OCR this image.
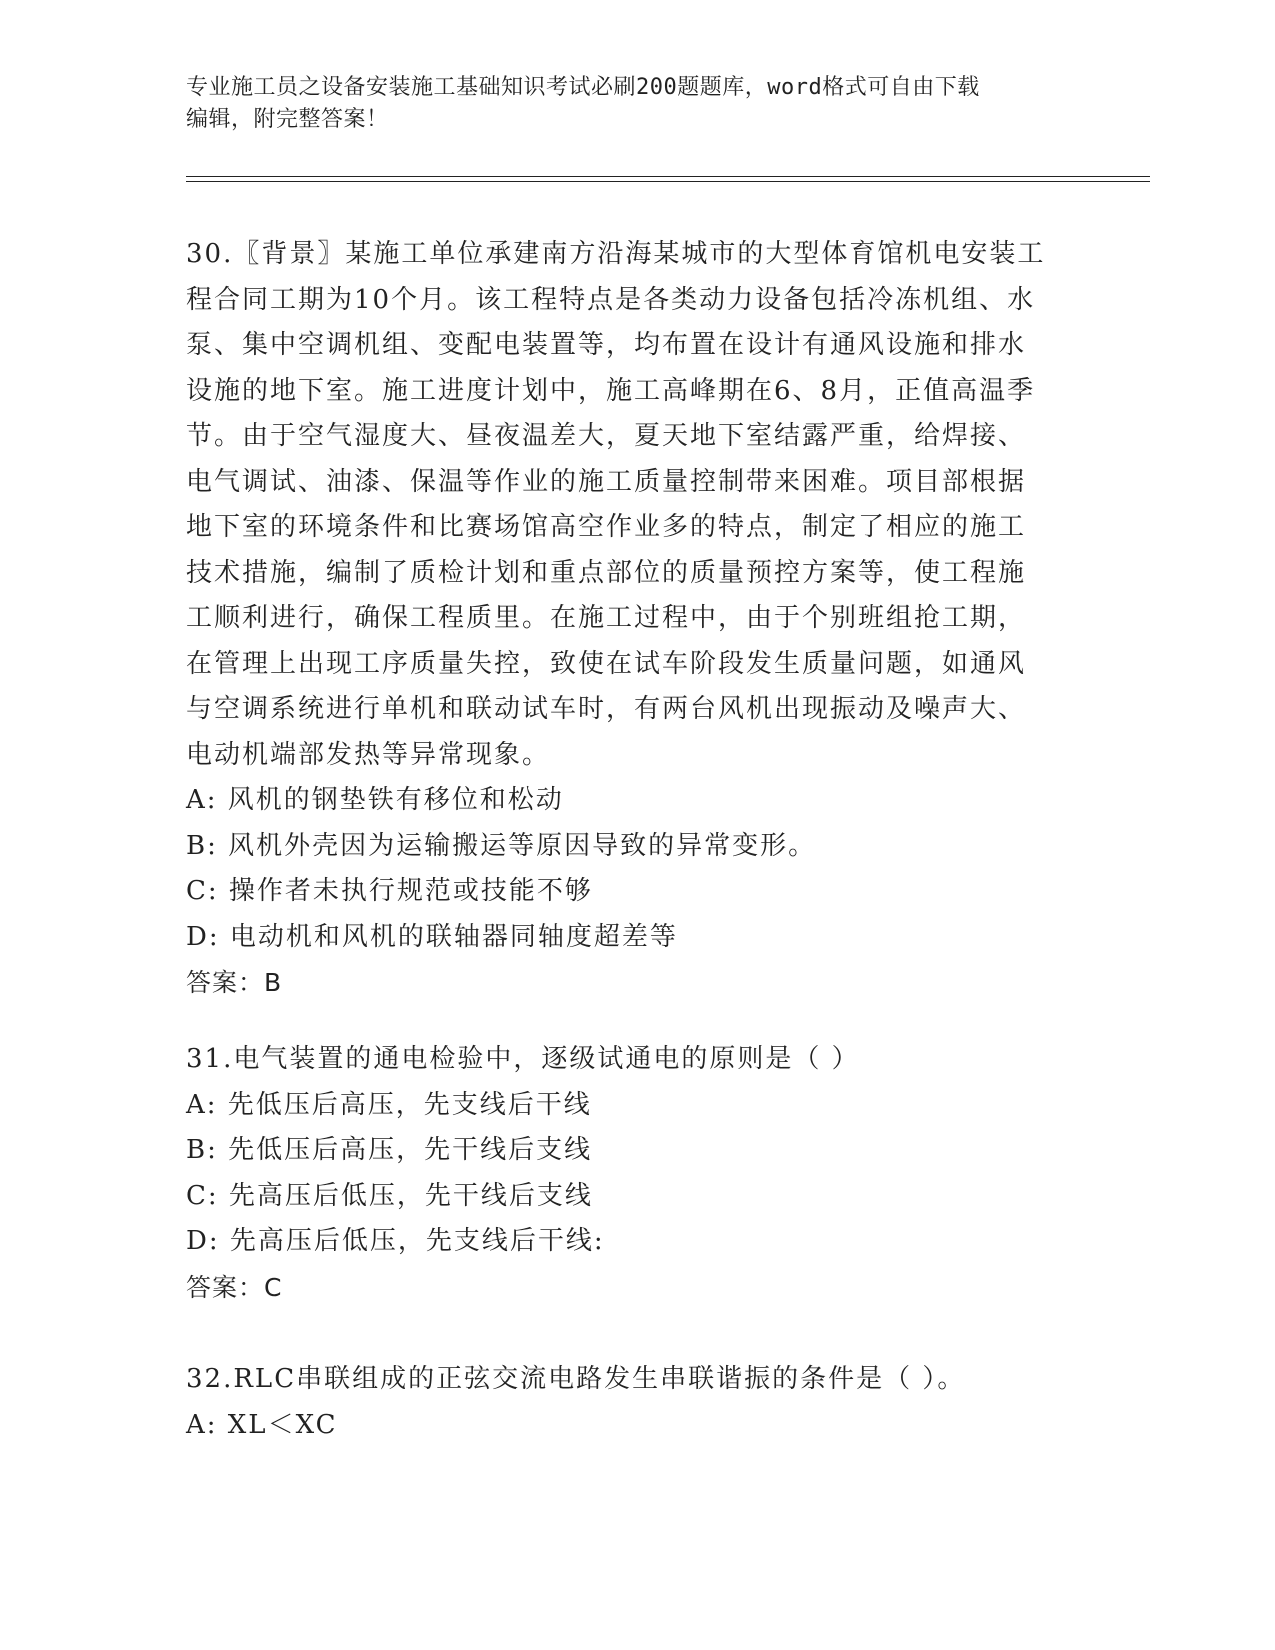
专业施工员之设备安装施工基础知识考试必刷200题题库，word格式可自由下载
编辑，附完整答案！

30.〖背景〗某施工单位承建南方沿海某城市的大型体育馆机电安装工

程合同工期为10个月。该工程特点是各类动力设备包括冷冻机组、水

泵、集中空调机组、变配电装置等，均布置在设计有通风设施和排水

设施的地下室。施工进度计划中，施工高峰期在6、8月，正值高温季

节。由于空气湿度大、昼夜温差大，夏天地下室结露严重，给焊接、

电气调试、油漆、保温等作业的施工质量控制带来困难。项目部根据

地下室的环境条件和比赛场馆高空作业多的特点，制定了相应的施工

技术措施，编制了质检计划和重点部位的质量预控方案等，使工程施

工顺利进行，确保工程质里。在施工过程中，由于个别班组抢工期，

在管理上出现工序质量失控，致使在试车阶段发生质量问题，如通风

与空调系统进行单机和联动试车时，有两台风机出现振动及噪声大、

电动机端部发热等异常现象。

A: 风机的钢垫铁有移位和松动

B: 风机外壳因为运输搬运等原因导致的异常变形。

C: 操作者未执行规范或技能不够

D: 电动机和风机的联轴器同轴度超差等

答案：B

31.电气装置的通电检验中，逐级试通电的原则是（ ）

A: 先低压后高压，先支线后干线

B: 先低压后高压，先干线后支线

C: 先高压后低压，先干线后支线

D: 先高压后低压，先支线后干线:

答案：C

32.RLC串联组成的正弦交流电路发生串联谐振的条件是（ ）。

A: XL＜XC
